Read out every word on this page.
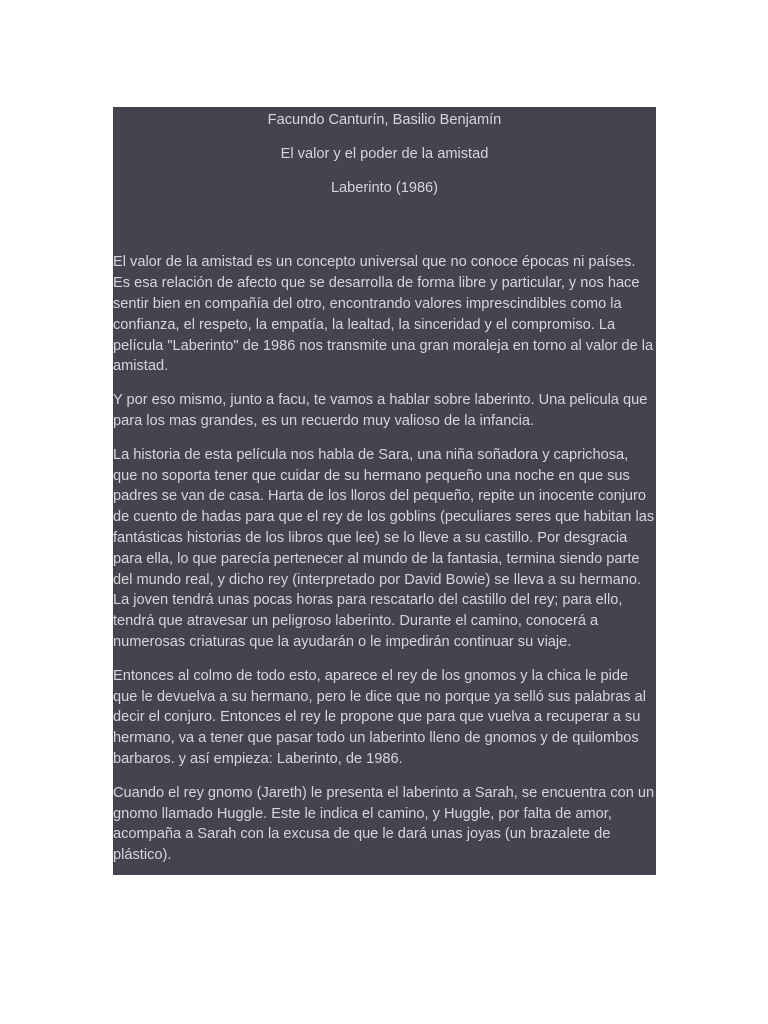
Facundo Canturín, Basilio Benjamín

El valor y el poder de la amistad

Laberinto (1986)

El valor de la amistad es un concepto universal que no conoce épocas ni países. Es esa relación de afecto que se desarrolla de forma libre y particular, y nos hace sentir bien en compañía del otro, encontrando valores imprescindibles como la confianza, el respeto, la empatía, la lealtad, la sinceridad y el compromiso. La película "Laberinto" de 1986 nos transmite una gran moraleja en torno al valor de la amistad.

Y por eso mismo, junto a facu, te vamos a hablar sobre laberinto. Una pelicula que para los mas grandes, es un recuerdo muy valioso de la infancia.

La historia de esta película nos habla de Sara, una niña soñadora y caprichosa, que no soporta tener que cuidar de su hermano pequeño una noche en que sus padres se van de casa. Harta de los lloros del pequeño, repite un inocente conjuro de cuento de hadas para que el rey de los goblins (peculiares seres que habitan las fantásticas historias de los libros que lee) se lo lleve a su castillo. Por desgracia para ella, lo que parecía pertenecer al mundo de la fantasia, termina siendo parte del mundo real, y dicho rey (interpretado por David Bowie) se lleva a su hermano. La joven tendrá unas pocas horas para rescatarlo del castillo del rey; para ello, tendrá que atravesar un peligroso laberinto. Durante el camino, conocerá a numerosas criaturas que la ayudarán o le impedirán continuar su viaje.

Entonces al colmo de todo esto, aparece el rey de los gnomos y la chica le pide que le devuelva a su hermano, pero le dice que no porque ya selló sus palabras al decir el conjuro. Entonces el rey le propone que para que vuelva a recuperar a su hermano, va a tener que pasar todo un laberinto lleno de gnomos y de quilombos barbaros. y así empieza: Laberinto, de 1986.

Cuando el rey gnomo (Jareth) le presenta el laberinto a Sarah, se encuentra con un gnomo llamado Huggle. Este le indica el camino, y Huggle, por falta de amor, acompaña a Sarah con la excusa de que le dará unas joyas (un brazalete de plástico).
